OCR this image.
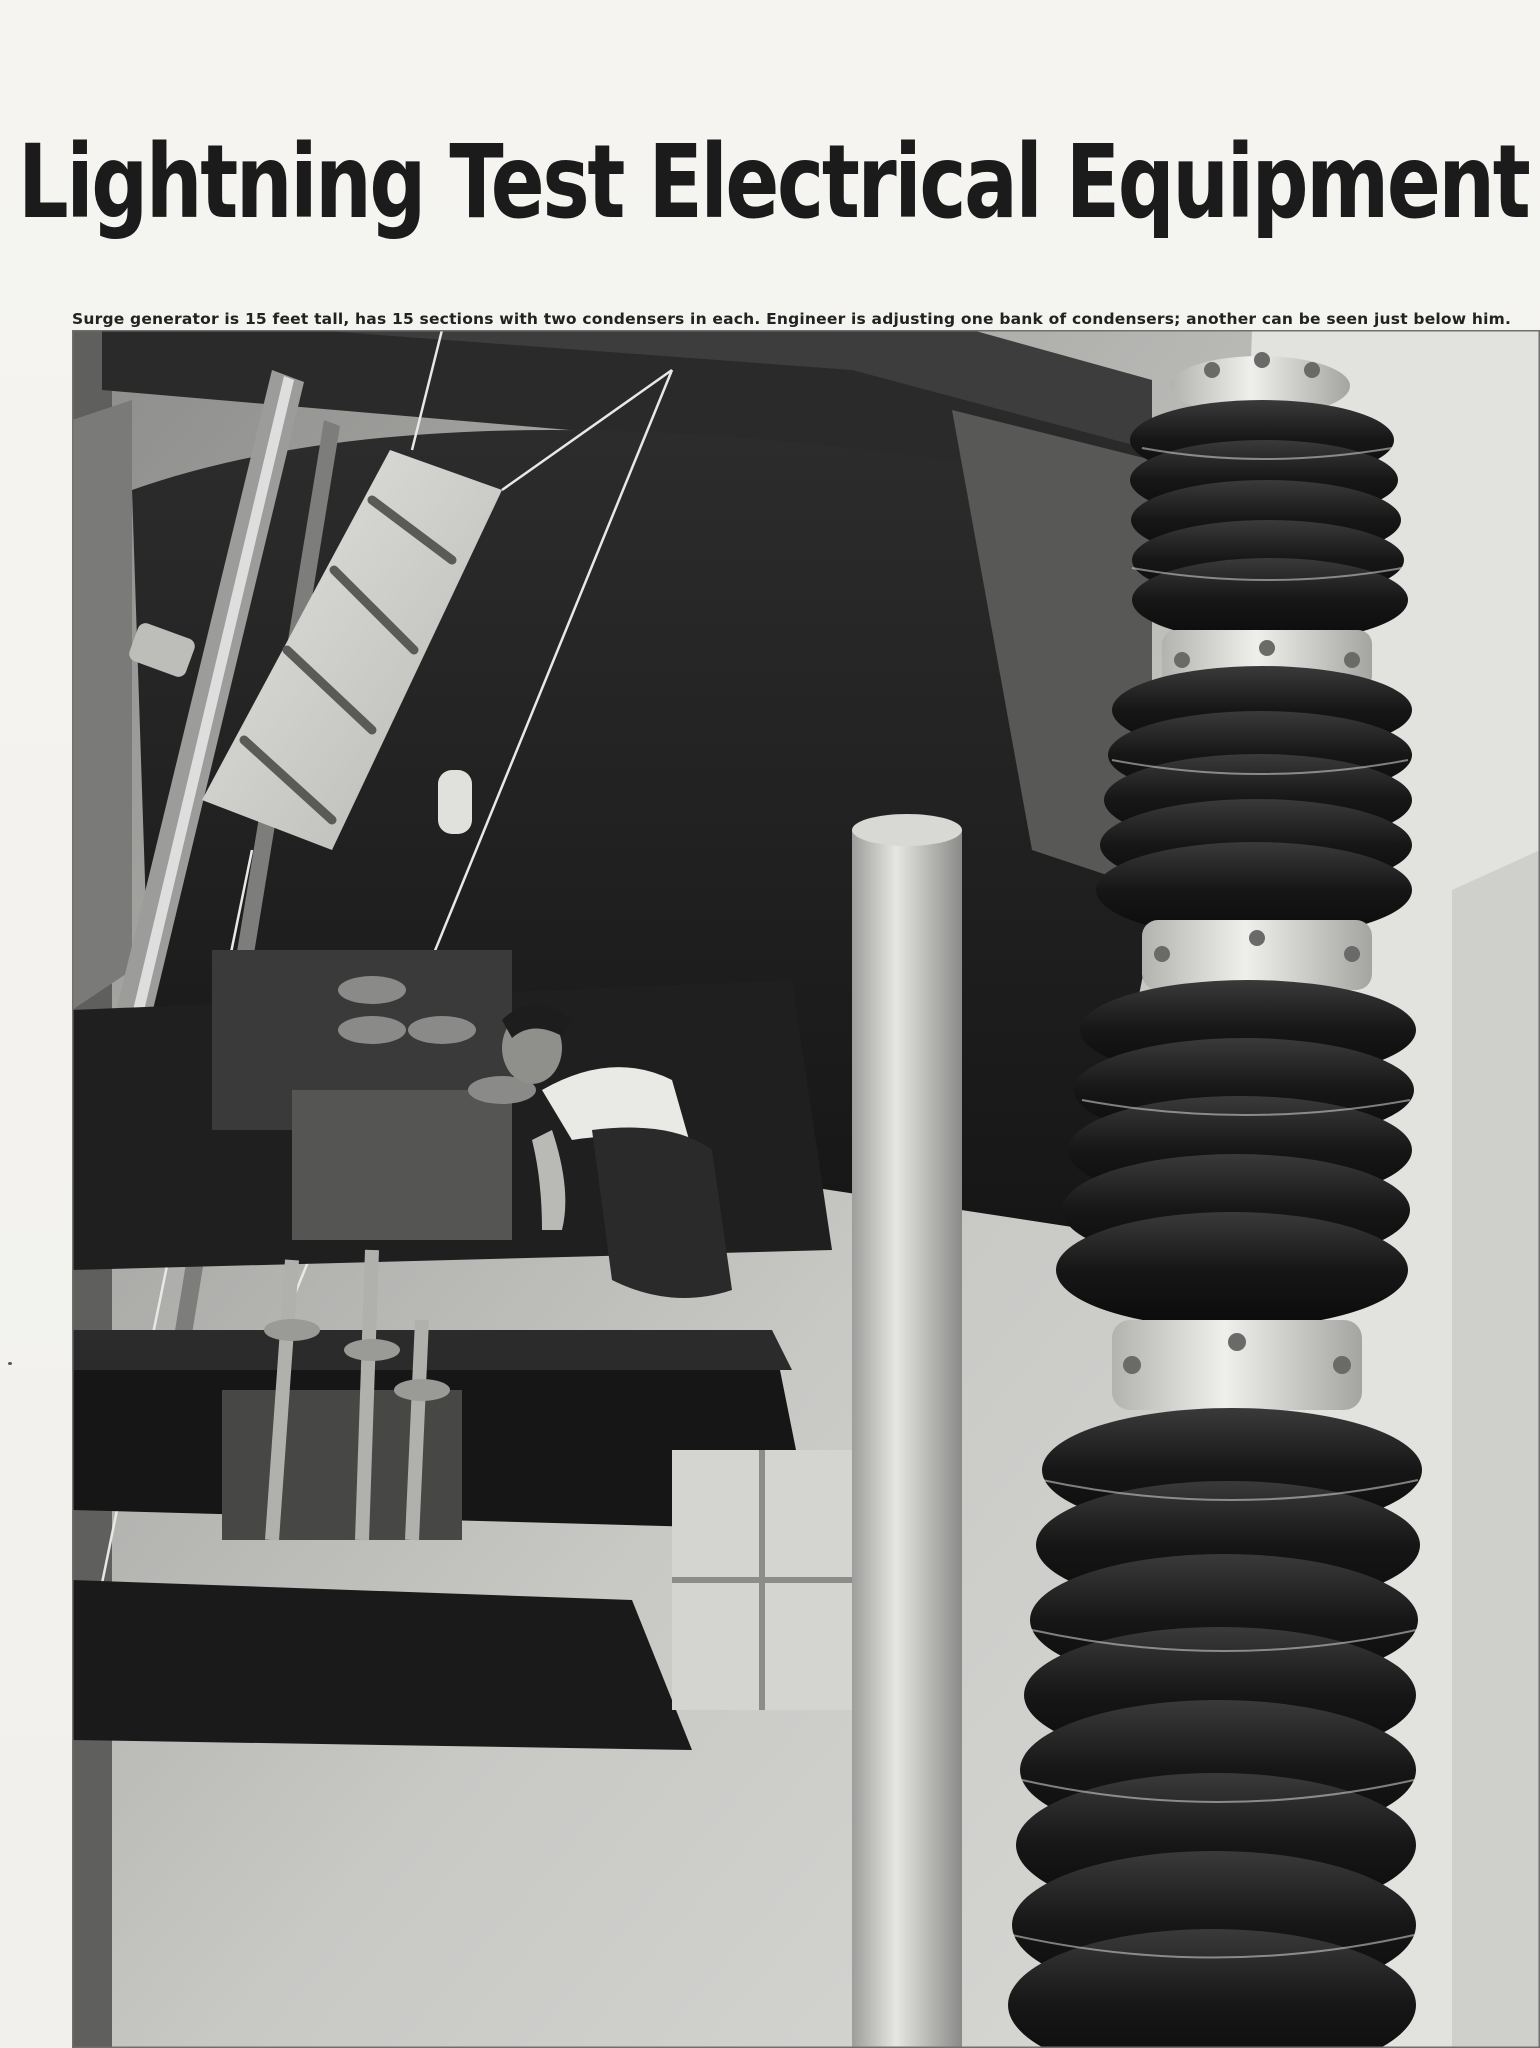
Lightning Test Electrical Equipment
Surge generator is 15 feet tall, has 15 sections with two condensers in each. Engineer is adjusting one bank of condensers; another can be seen just below him.
